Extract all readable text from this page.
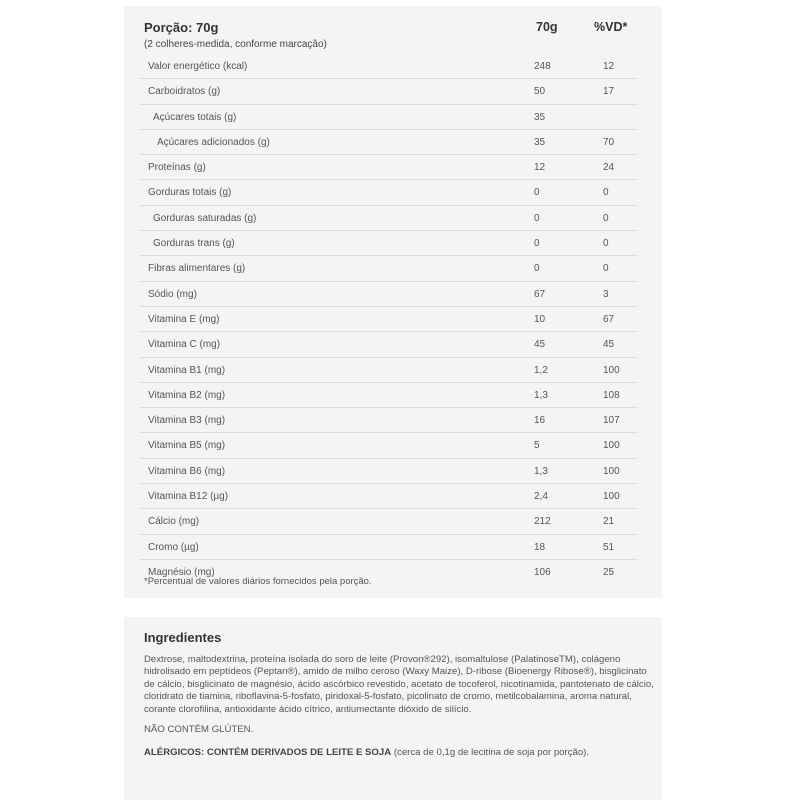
Porção: 70g
(2 colheres-medida, conforme marcação)
70g	%VD*
Valor energético (kcal)	248	12
Carboidratos (g)	50	17
Açúcares totais (g)	35
Açúcares adicionados (g)	35	70
Proteínas (g)	12	24
Gorduras totais (g)	0	0
Gorduras saturadas (g)	0	0
Gorduras trans (g)	0	0
Fibras alimentares (g)	0	0
Sódio (mg)	67	3
Vitamina E (mg)	10	67
Vitamina C (mg)	45	45
Vitamina B1 (mg)	1,2	100
Vitamina B2 (mg)	1,3	108
Vitamina B3 (mg)	16	107
Vitamina B5 (mg)	5	100
Vitamina B6 (mg)	1,3	100
Vitamina B12 (µg)	2,4	100
Cálcio (mg)	212	21
Cromo (µg)	18	51
Magnésio (mg)	106	25
*Percentual de valores diários fornecidos pela porção.
Ingredientes
Dextrose, maltodextrina, proteína isolada do soro de leite (Provon®292), isomaltulose (PalatinoseTM), colágeno hidrolisado em peptídeos (Peptan®), amido de milho ceroso (Waxy Maize), D-ribose (Bioenergy Ribose®), bisglicinato de cálcio, bisglicinato de magnésio, ácido ascórbico revestido, acetato de tocoferol, nicotinamida, pantotenato de cálcio, cloridrato de tiamina, riboflavina-5-fosfato, piridoxal-5-fosfato, picolinato de cromo, metilcobalamina, aroma natural, corante clorofilina, antioxidante ácido cítrico, antiumectante dióxido de silício.
NÃO CONTÉM GLÚTEN.
ALÉRGICOS: CONTÉM DERIVADOS DE LEITE E SOJA (cerca de 0,1g de lecitina de soja por porção).
